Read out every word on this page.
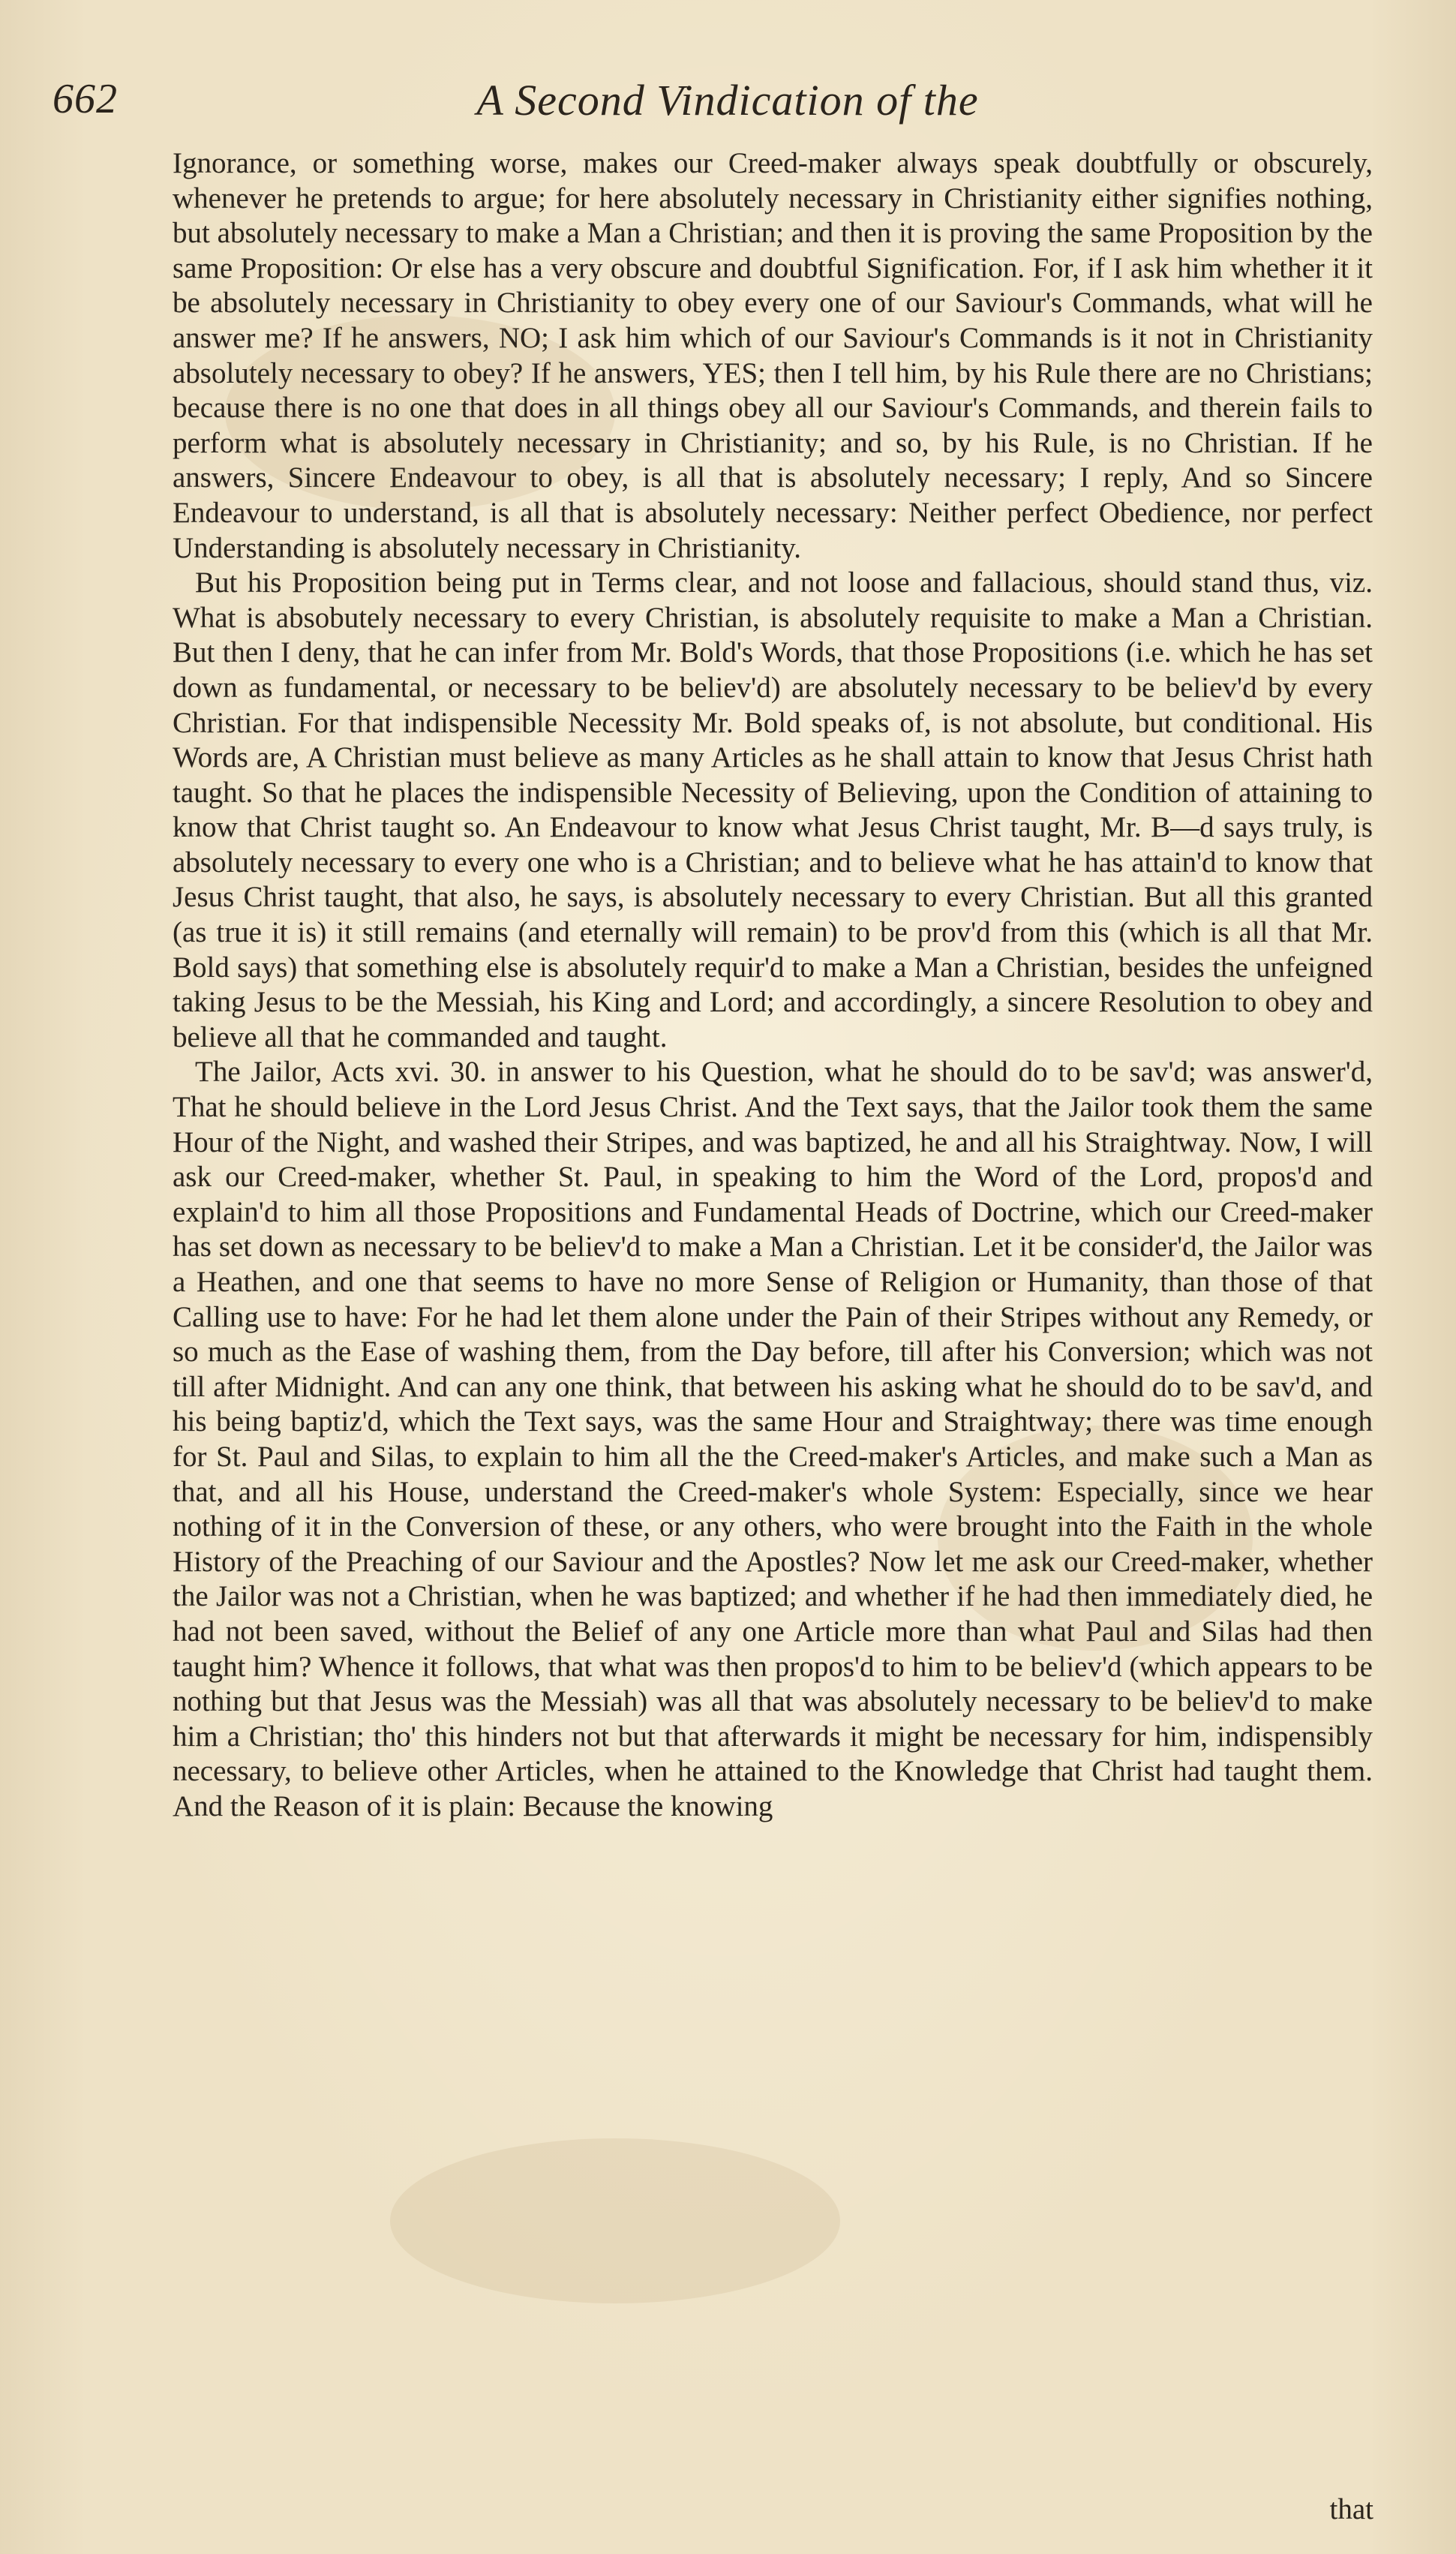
662	A Second Vindication of the

Ignorance, or something worse, makes our Creed-maker always speak doubtfully or obscurely, whenever he pretends to argue; for here absolutely necessary in Christianity either signifies nothing, but absolutely necessary to make a Man a Christian; and then it is proving the same Proposition by the same Proposition: Or else has a very obscure and doubtful Signification. For, if I ask him whether it it be absolutely necessary in Christianity to obey every one of our Saviour's Commands, what will he answer me? If he answers, NO; I ask him which of our Saviour's Commands is it not in Christianity absolutely necessary to obey? If he answers, YES; then I tell him, by his Rule there are no Christians; because there is no one that does in all things obey all our Saviour's Commands, and therein fails to perform what is absolutely necessary in Christianity; and so, by his Rule, is no Christian. If he answers, Sincere Endeavour to obey, is all that is absolutely necessary; I reply, And so Sincere Endeavour to understand, is all that is absolutely necessary: Neither perfect Obedience, nor perfect Understanding is absolutely necessary in Christianity.

But his Proposition being put in Terms clear, and not loose and fallacious, should stand thus, viz. What is absobutely necessary to every Christian, is absolutely requisite to make a Man a Christian. But then I deny, that he can infer from Mr. Bold's Words, that those Propositions (i.e. which he has set down as fundamental, or necessary to be believ'd) are absolutely necessary to be believ'd by every Christian. For that indispensible Necessity Mr. Bold speaks of, is not absolute, but conditional. His Words are, A Christian must believe as many Articles as he shall attain to know that Jesus Christ hath taught. So that he places the indispensible Necessity of Believing, upon the Condition of attaining to know that Christ taught so. An Endeavour to know what Jesus Christ taught, Mr. B—d says truly, is absolutely necessary to every one who is a Christian; and to believe what he has attain'd to know that Jesus Christ taught, that also, he says, is absolutely necessary to every Christian. But all this granted (as true it is) it still remains (and eternally will remain) to be prov'd from this (which is all that Mr. Bold says) that something else is absolutely requir'd to make a Man a Christian, besides the unfeigned taking Jesus to be the Messiah, his King and Lord; and accordingly, a sincere Resolution to obey and believe all that he commanded and taught.

The Jailor, Acts xvi. 30. in answer to his Question, what he should do to be sav'd; was answer'd, That he should believe in the Lord Jesus Christ. And the Text says, that the Jailor took them the same Hour of the Night, and washed their Stripes, and was baptized, he and all his Straightway. Now, I will ask our Creed-maker, whether St. Paul, in speaking to him the Word of the Lord, propos'd and explain'd to him all those Propositions and Fundamental Heads of Doctrine, which our Creed-maker has set down as necessary to be believ'd to make a Man a Christian. Let it be consider'd, the Jailor was a Heathen, and one that seems to have no more Sense of Religion or Humanity, than those of that Calling use to have: For he had let them alone under the Pain of their Stripes without any Remedy, or so much as the Ease of washing them, from the Day before, till after his Conversion; which was not till after Midnight. And can any one think, that between his asking what he should do to be sav'd, and his being baptiz'd, which the Text says, was the same Hour and Straightway; there was time enough for St. Paul and Silas, to explain to him all the the Creed-maker's Articles, and make such a Man as that, and all his House, understand the Creed-maker's whole System: Especially, since we hear nothing of it in the Conversion of these, or any others, who were brought into the Faith in the whole History of the Preaching of our Saviour and the Apostles? Now let me ask our Creed-maker, whether the Jailor was not a Christian, when he was baptized; and whether if he had then immediately died, he had not been saved, without the Belief of any one Article more than what Paul and Silas had then taught him? Whence it follows, that what was then propos'd to him to be believ'd (which appears to be nothing but that Jesus was the Messiah) was all that was absolutely necessary to be believ'd to make him a Christian; tho' this hinders not but that afterwards it might be necessary for him, indispensibly necessary, to believe other Articles, when he attained to the Knowledge that Christ had taught them. And the Reason of it is plain: Because the knowing

that
